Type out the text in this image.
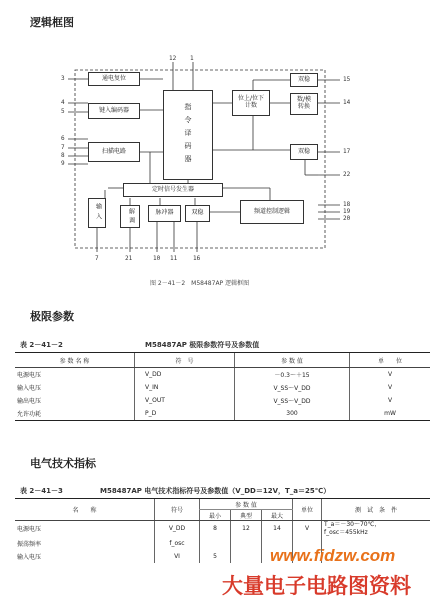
逻辑框图
12 1
3
4
5
6
7
8
9
15
14
17
22
18
19
20
7	21	10 11	16
通电复位
键入编码器
扫描电路	指令译码器
位上/位下计数
双稳
数/模转换
双稳
定时信号发生器
输入	解调	脉冲器	双稳	频道控制逻辑
图 2－41－2　M58487AP 逻辑框图
极限参数
表 2－41－2	M58487AP 极限参数符号及参数值
参 数 名 称	符　号	参 数 值	单　　位
电源电压	V_DD	－0.3～＋15	V
输入电压	V_IN	V_SS～V_DD	V
输出电压	V_OUT	V_SS～V_DD	V
允许功耗	P_D	300	mW
电气技术指标
表 2－41－3	M58487AP 电气技术指标符号及参数值（V_DD＝12V，T_a＝25℃）
名　　称	符号	参 数 值			单位	测　试　条　件
		最小	典型	最大		
电源电压	V_DD	8	12	14	V	T_a＝－30～70℃，
f_osc＝455kHz

振荡频率	f_osc					
输入电压	VI	5					www.fidzw.com
大量电子电路图资料
